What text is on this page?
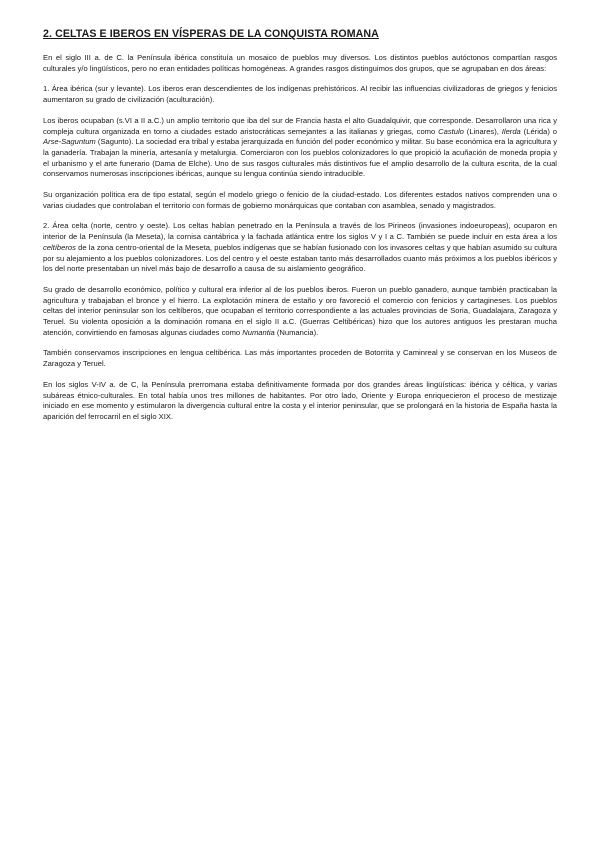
2. CELTAS E IBEROS EN VÍSPERAS DE LA CONQUISTA ROMANA

En el siglo III a. de C. la Península ibérica constituía un mosaico de pueblos muy diversos. Los distintos pueblos autóctonos compartían rasgos culturales y/o lingüísticos, pero no eran entidades políticas homogéneas. A grandes rasgos distinguimos dos grupos, que se agrupaban en dos áreas:

1. Área ibérica (sur y levante). Los iberos eran descendientes de los indígenas prehistóricos. Al recibir las influencias civilizadoras de griegos y fenicios aumentaron su grado de civilización (aculturación).

Los iberos ocupaban (s.VI a II a.C.) un amplio territorio que iba del sur de Francia hasta el alto Guadalquivir, que corresponde. Desarrollaron una rica y compleja cultura organizada en torno a ciudades estado aristocráticas semejantes a las italianas y griegas, como Castulo (Linares), Ilerda (Lérida) o Arse-Saguntum (Sagunto). La sociedad era tribal y estaba jerarquizada en función del poder económico y militar. Su base económica era la agricultura y la ganadería. Trabajan la minería, artesanía y metalurgia. Comerciaron con los pueblos colonizadores lo que propició la acuñación de moneda propia y el urbanismo y el arte funerario (Dama de Elche). Uno de sus rasgos culturales más distintivos fue el amplio desarrollo de la cultura escrita, de la cual conservamos numerosas inscripciones ibéricas, aunque su lengua continúa siendo intraducible.

Su organización política era de tipo estatal, según el modelo griego o fenicio de la ciudad-estado. Los diferentes estados nativos comprenden una o varias ciudades que controlaban el territorio con formas de gobierno monárquicas que contaban con asamblea, senado y magistrados.

2. Área celta (norte, centro y oeste). Los celtas habían penetrado en la Península a través de los Pirineos (invasiones indoeuropeas), ocuparon en interior de la Península (la Meseta), la cornisa cantábrica y la fachada atlántica entre los siglos V y I a C. También se puede incluir en esta área a los celtíberos de la zona centro-oriental de la Meseta, pueblos indígenas que se habían fusionado con los invasores celtas y que habían asumido su cultura por su alejamiento a los pueblos colonizadores. Los del centro y el oeste estaban tanto más desarrollados cuanto más próximos a los pueblos ibéricos y los del norte presentaban un nivel más bajo de desarrollo a causa de su aislamiento geográfico.

Su grado de desarrollo económico, político y cultural era inferior al de los pueblos iberos. Fueron un pueblo ganadero, aunque también practicaban la agricultura y trabajaban el bronce y el hierro. La explotación minera de estaño y oro favoreció el comercio con fenicios y cartagineses. Los pueblos celtas del interior peninsular son los celtíberos, que ocupaban el territorio correspondiente a las actuales provincias de Soria, Guadalajara, Zaragoza y Teruel. Su violenta oposición a la dominación romana en el siglo II a.C. (Guerras Celtibéricas) hizo que los autores antiguos les prestaran mucha atención, convirtiendo en famosas algunas ciudades como Numantia (Numancia).

También conservamos inscripciones en lengua celtibérica. Las más importantes proceden de Botorrita y Caminreal y se conservan en los Museos de Zaragoza y Teruel.

En los siglos V-IV a. de C, la Península prerromana estaba definitivamente formada por dos grandes áreas lingüísticas: ibérica y céltica, y varias subáreas étnico-culturales. En total había unos tres millones de habitantes. Por otro lado, Oriente y Europa enriquecieron el proceso de mestizaje iniciado en ese momento y estimularon la divergencia cultural entre la costa y el interior peninsular, que se prolongará en la historia de España hasta la aparición del ferrocarril en el siglo XIX.
